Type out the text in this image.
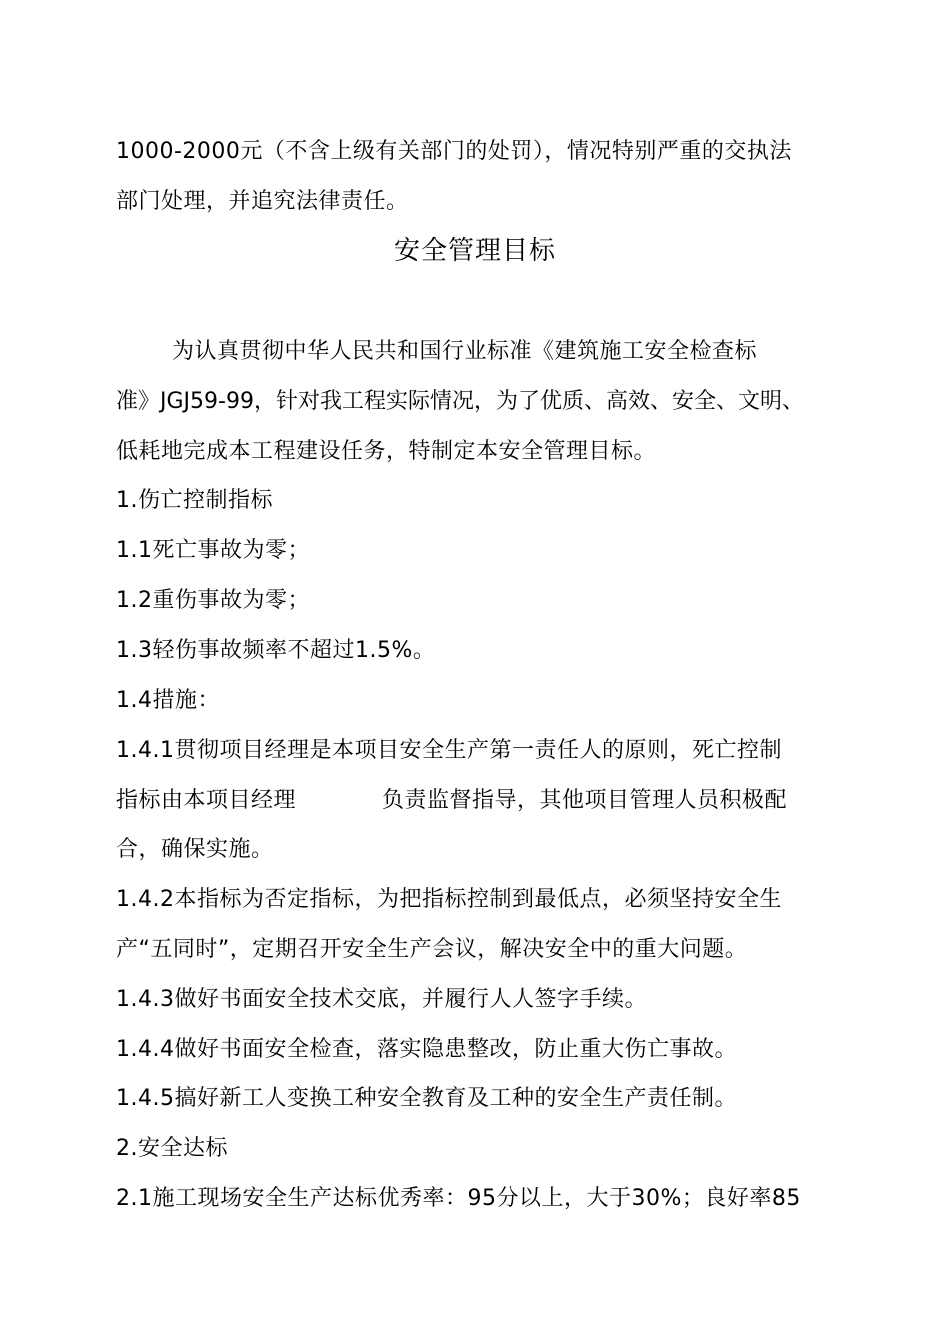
1000-2000元（不含上级有关部门的处罚），情况特别严重的交执法
部门处理，并追究法律责任。
安全管理目标
为认真贯彻中华人民共和国行业标准《建筑施工安全检查标
准》JGJ59-99，针对我工程实际情况，为了优质、高效、安全、文明、
低耗地完成本工程建设任务，特制定本安全管理目标。
1.伤亡控制指标
1.1死亡事故为零；
1.2重伤事故为零；
1.3轻伤事故频率不超过1.5%。
1.4措施：
1.4.1贯彻项目经理是本项目安全生产第一责任人的原则，死亡控制
指标由本项目经理	负责监督指导，其他项目管理人员积极配
合，确保实施。
1.4.2本指标为否定指标，为把指标控制到最低点，必须坚持安全生
产“五同时”，定期召开安全生产会议，解决安全中的重大问题。
1.4.3做好书面安全技术交底，并履行人人签字手续。
1.4.4做好书面安全检查，落实隐患整改，防止重大伤亡事故。
1.4.5搞好新工人变换工种安全教育及工种的安全生产责任制。
2.安全达标
2.1施工现场安全生产达标优秀率：95分以上，大于30%；良好率85
